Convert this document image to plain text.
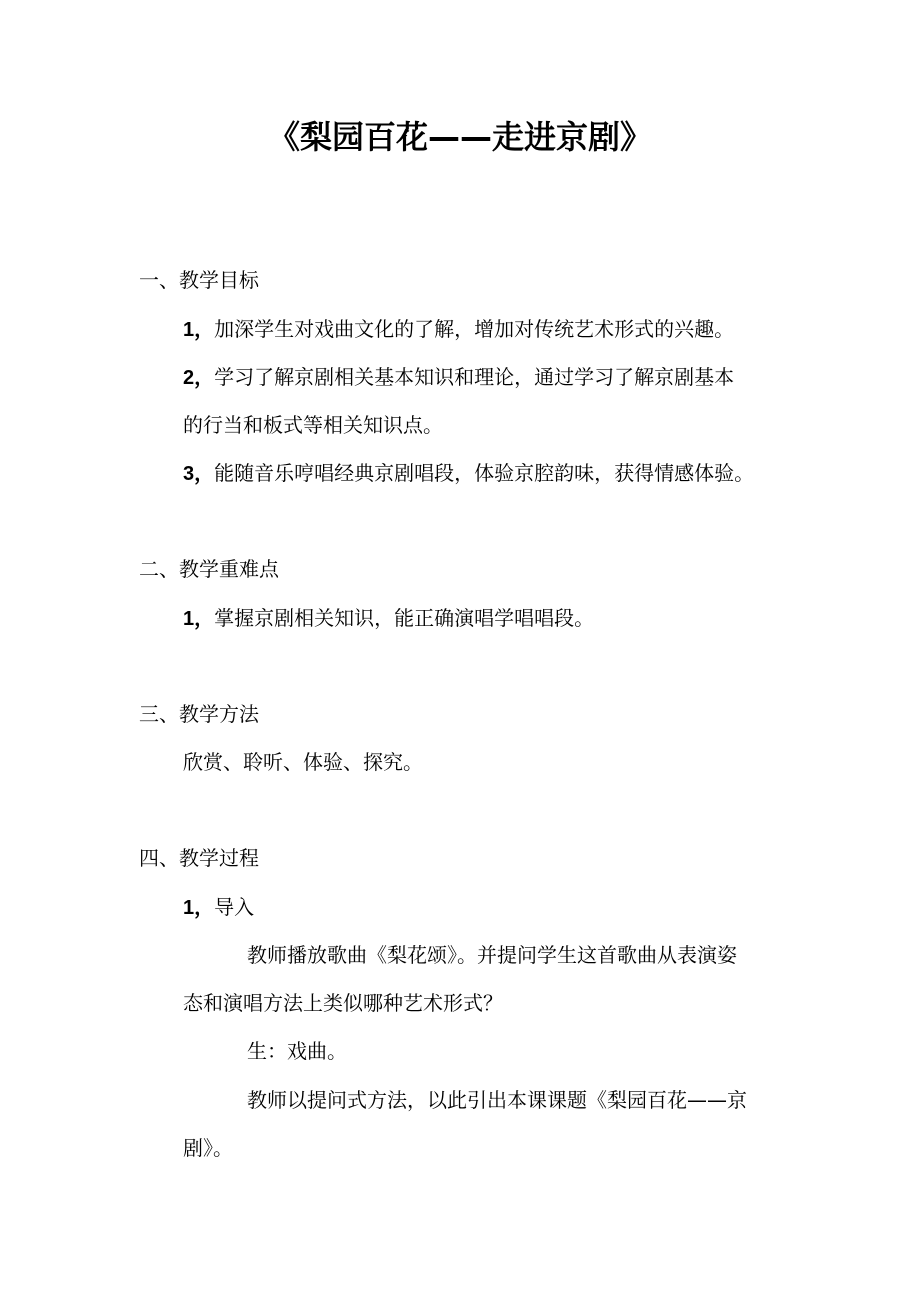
《梨园百花——走进京剧》

一、教学目标

1，加深学生对戏曲文化的了解，增加对传统艺术形式的兴趣。

2，学习了解京剧相关基本知识和理论，通过学习了解京剧基本

的行当和板式等相关知识点。

3，能随音乐哼唱经典京剧唱段，体验京腔韵味，获得情感体验。

二、教学重难点

1，掌握京剧相关知识，能正确演唱学唱唱段。

三、教学方法

欣赏、聆听、体验、探究。

四、教学过程

1，导入

教师播放歌曲《梨花颂》。并提问学生这首歌曲从表演姿

态和演唱方法上类似哪种艺术形式？

生：戏曲。

教师以提问式方法，以此引出本课课题《梨园百花——京

剧》。
